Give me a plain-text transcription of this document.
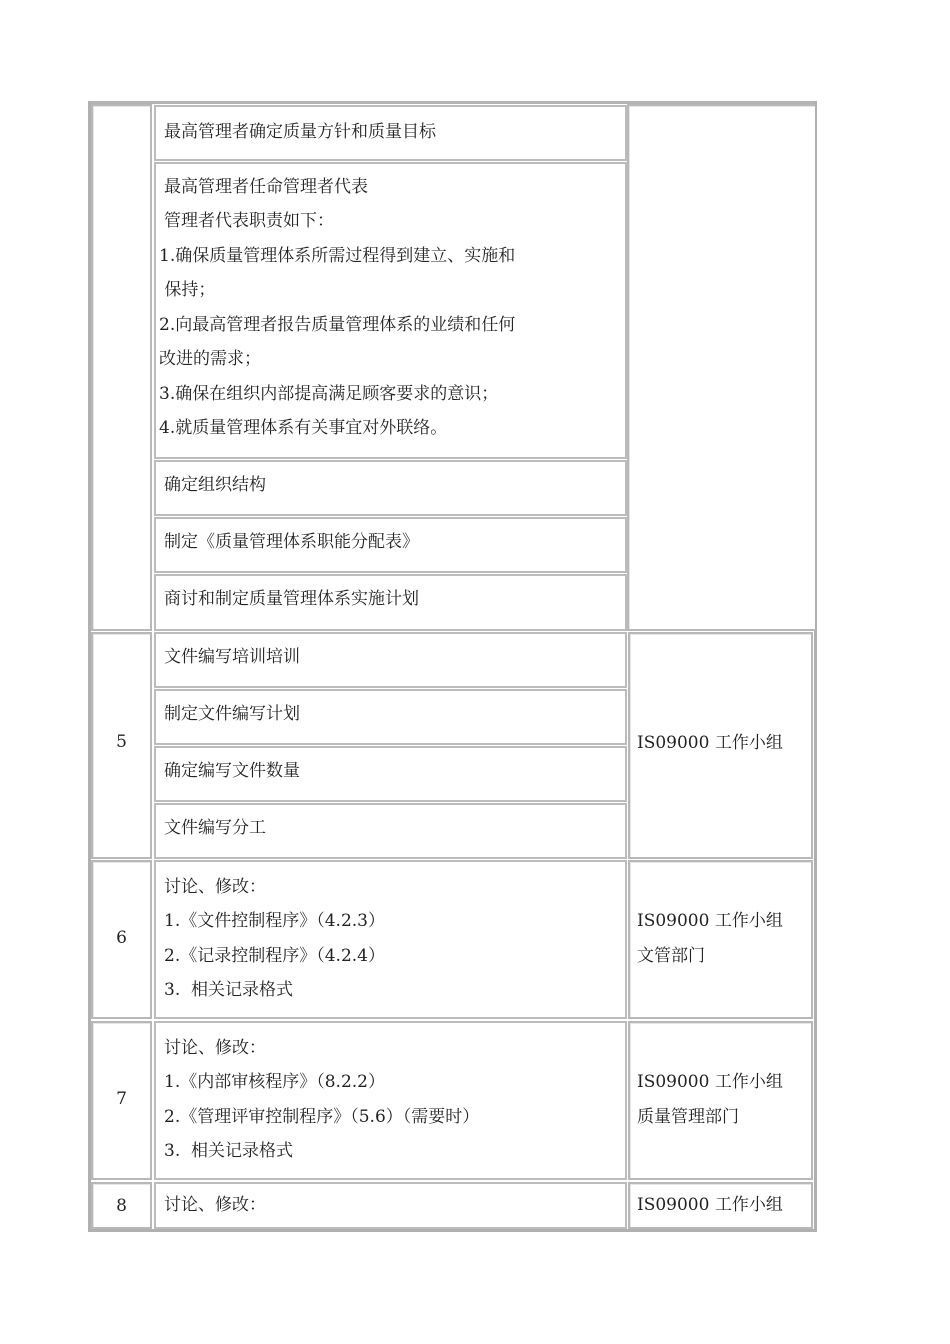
最高管理者确定质量方针和质量目标
最高管理者任命管理者代表
管理者代表职责如下：
1.确保质量管理体系所需过程得到建立、实施和
保持；
2.向最高管理者报告质量管理体系的业绩和任何
改进的需求；
3.确保在组织内部提高满足顾客要求的意识；
4.就质量管理体系有关事宜对外联络。
确定组织结构
制定《质量管理体系职能分配表》
商讨和制定质量管理体系实施计划
5
文件编写培训培训
制定文件编写计划
确定编写文件数量
文件编写分工
IS09000 工作小组
6
讨论、修改：
1.《文件控制程序》（4.2.3）
2.《记录控制程序》（4.2.4）
3.  相关记录格式
IS09000 工作小组
文管部门
7
讨论、修改：
1.《内部审核程序》（8.2.2）
2.《管理评审控制程序》（5.6）（需要时）
3.  相关记录格式
IS09000 工作小组
质量管理部门
8	讨论、修改：	IS09000 工作小组
